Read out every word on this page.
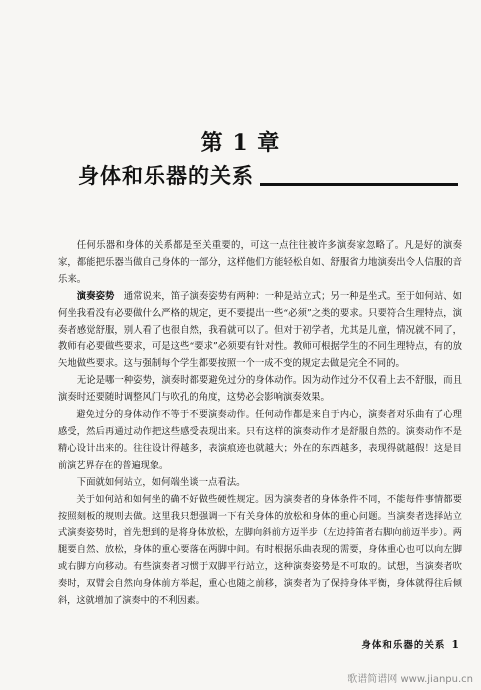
第 1 章
身体和乐器的关系

任何乐器和身体的关系都是至关重要的，可这一点往往被许多演奏家忽略了。凡是好的演奏家，都能把乐器当做自己身体的一部分，这样他们方能轻松自如、舒服省力地演奏出令人信服的音乐来。

演奏姿势　通常说来，笛子演奏姿势有两种：一种是站立式；另一种是坐式。至于如何站、如何坐我看没有必要做什么严格的规定，更不要提出一些“必须”之类的要求。只要符合生理特点，演奏者感觉舒服，别人看了也很自然，我看就可以了。但对于初学者，尤其是儿童，情况就不同了，教师有必要做些要求，可是这些“要求”必须要有针对性。教师可根据学生的不同生理特点，有的放矢地做些要求。这与强制每个学生都要按照一个一成不变的规定去做是完全不同的。

无论是哪一种姿势，演奏时都要避免过分的身体动作。因为动作过分不仅看上去不舒服，而且演奏时还要随时调整风门与吹孔的角度，这势必会影响演奏效果。

避免过分的身体动作不等于不要演奏动作。任何动作都是来自于内心，演奏者对乐曲有了心理感受，然后再通过动作把这些感受表现出来。只有这样的演奏动作才是舒服自然的。演奏动作不是精心设计出来的。往往设计得越多，表演痕迹也就越大；外在的东西越多，表现得就越假！这是目前演艺界存在的普遍现象。

下面就如何站立，如何端坐谈一点看法。

关于如何站和如何坐的确不好做些硬性规定。因为演奏者的身体条件不同，不能每件事情都要按照刻板的规则去做。这里我只想强调一下有关身体的放松和身体的重心问题。当演奏者选择站立式演奏姿势时，首先想到的是将身体放松，左脚向斜前方迈半步（左边持笛者右脚向前迈半步）。两腿要自然、放松，身体的重心要落在两脚中间。有时根据乐曲表现的需要，身体重心也可以向左脚或右脚方向移动。有些演奏者习惯于双脚平行站立，这种演奏姿势是不可取的。试想，当演奏者吹奏时，双臂会自然向身体前方举起，重心也随之前移，演奏者为了保持身体平衡，身体就得往后倾斜，这就增加了演奏中的不利因素。

身体和乐器的关系 1
歌谱简谱网 www.jianpu.cn
